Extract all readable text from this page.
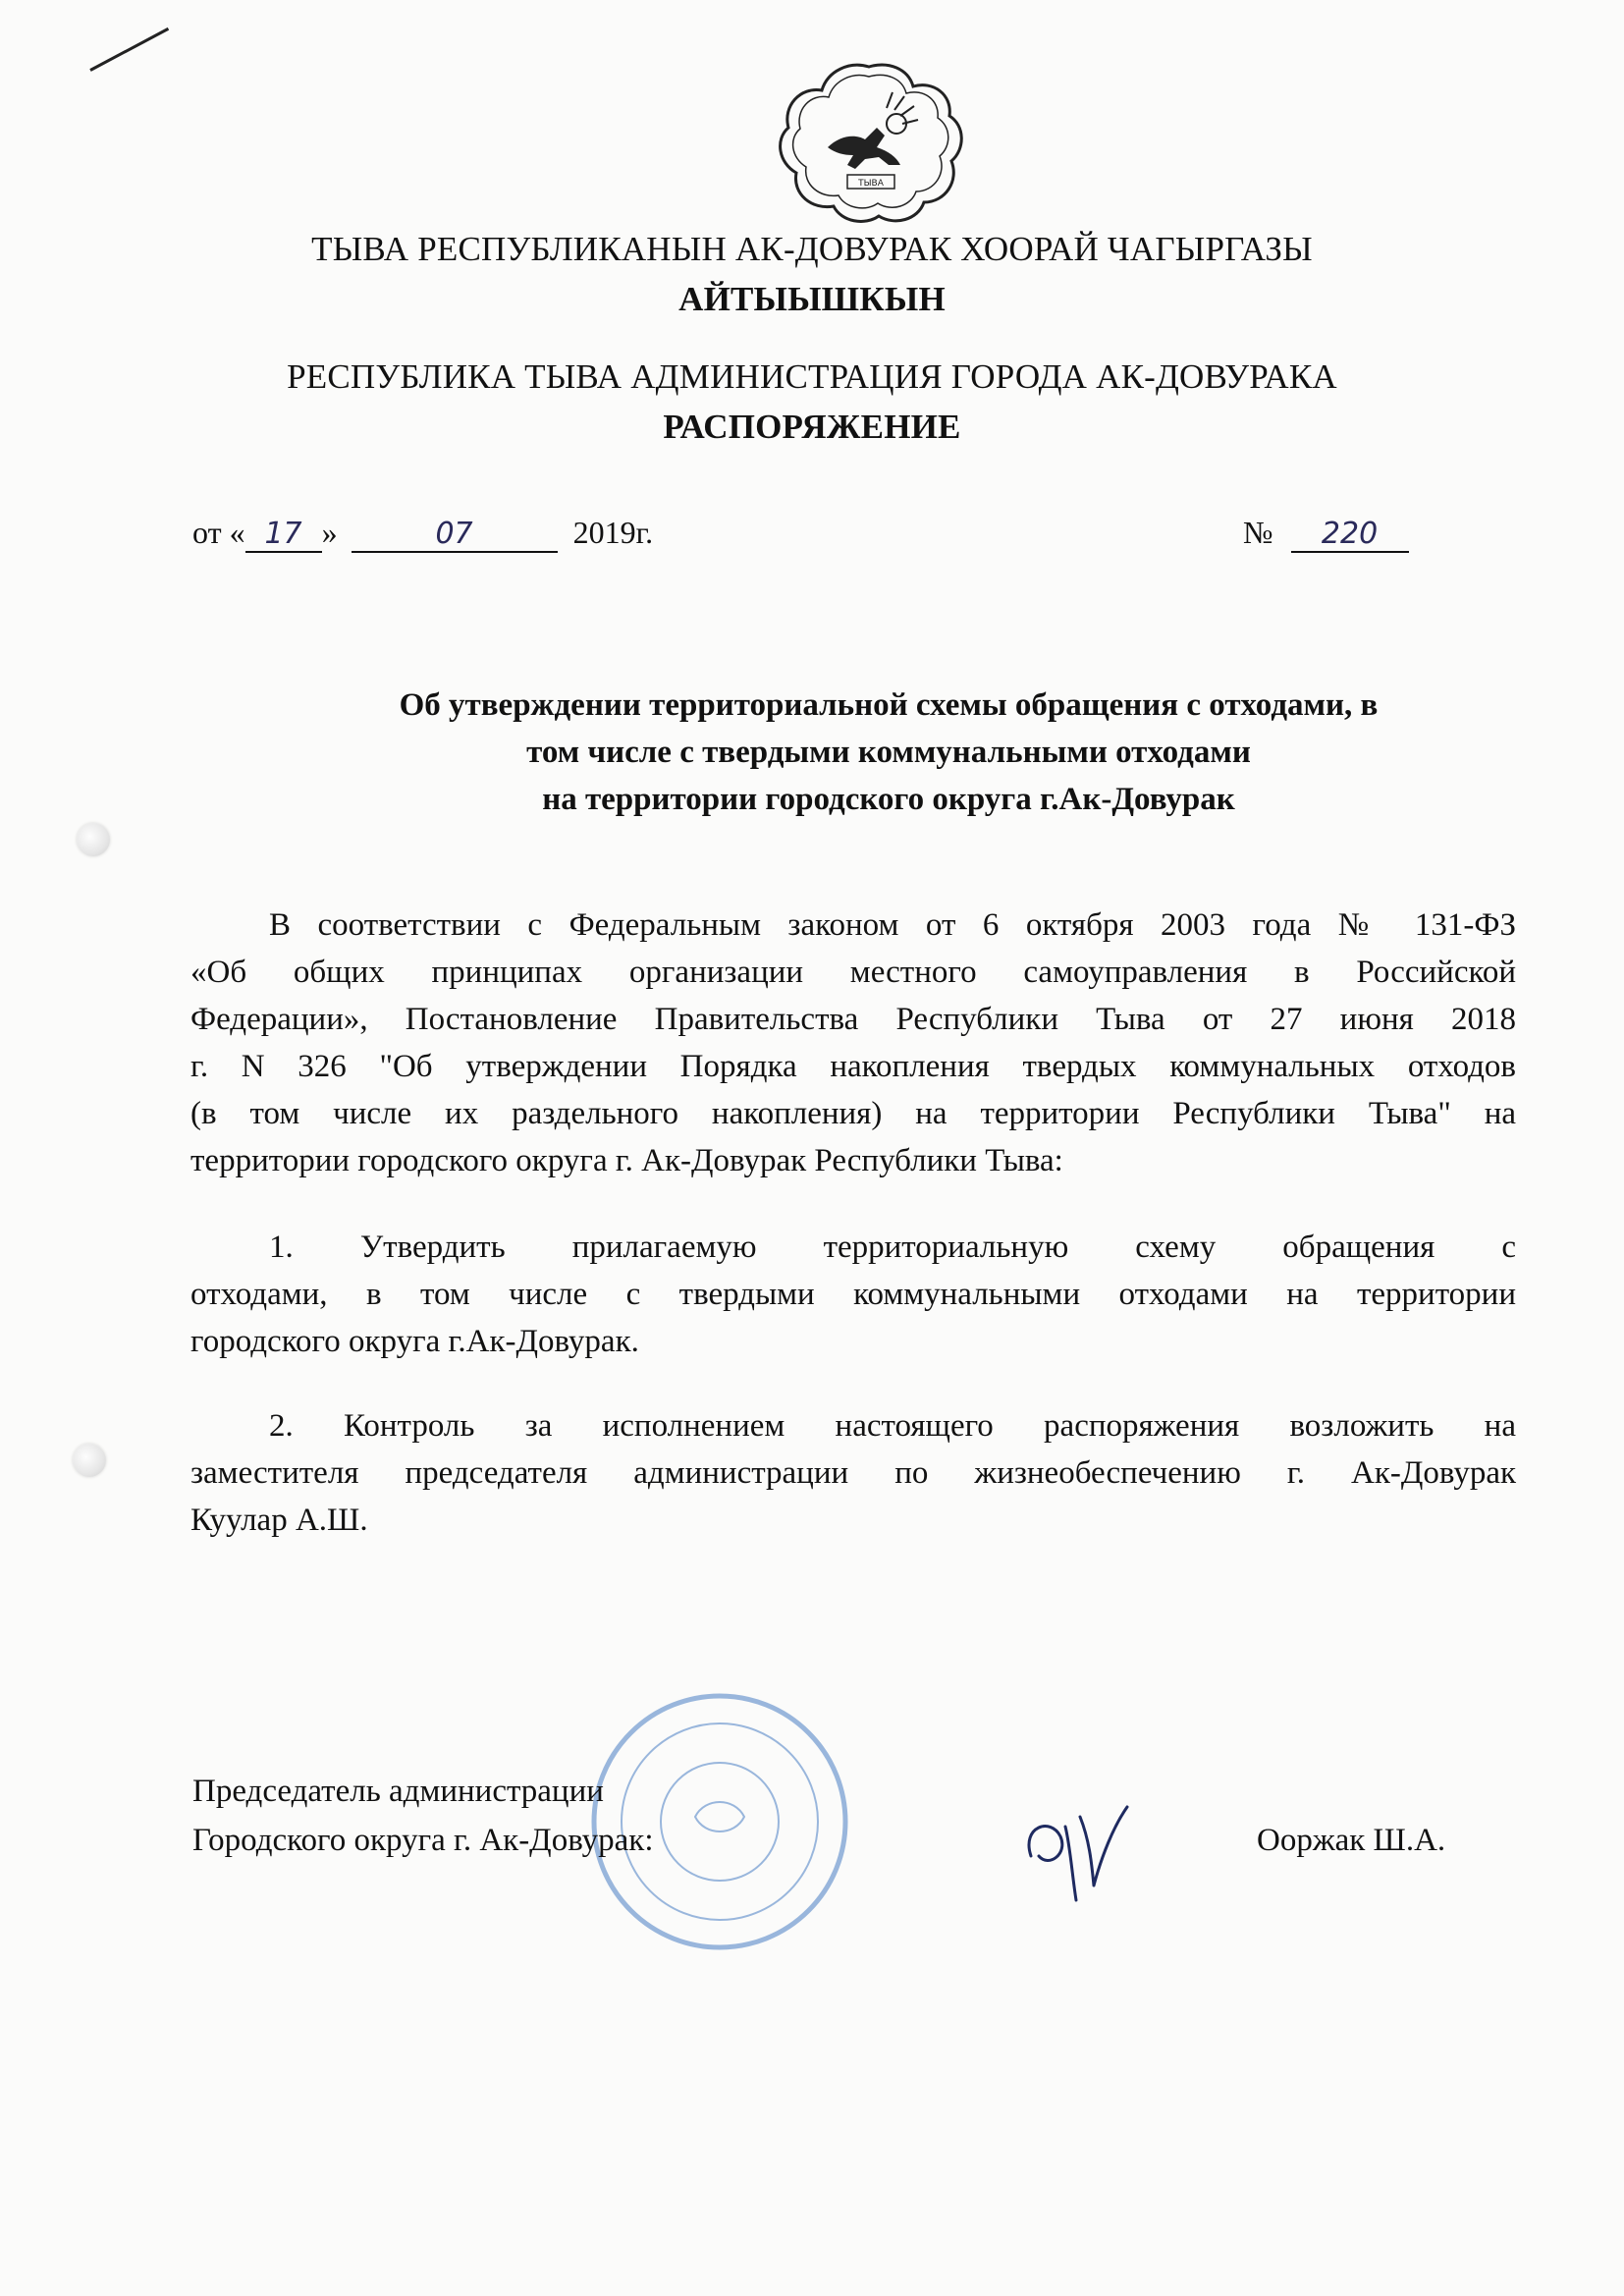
ТЫВА
ТЫВА РЕСПУБЛИКАНЫН АК-ДОВУРАК ХООРАЙ ЧАГЫРГАЗЫ
АЙТЫЫШКЫН
РЕСПУБЛИКА ТЫВА АДМИНИСТРАЦИЯ ГОРОДА АК-ДОВУРАКА
РАСПОРЯЖЕНИЕ
от « 17 »	07	2019г.	№ 220
Об утверждении территориальной схемы обращения с отходами, в
том числе с твердыми коммунальными отходами
на территории городского округа г.Ак-Довурак
В соответствии с Федеральным законом от 6 октября 2003 года № 131-ФЗ
«Об общих принципах организации местного самоуправления в Российской
Федерации», Постановление Правительства Республики Тыва от 27 июня 2018
г. N 326 "Об утверждении Порядка накопления твердых коммунальных отходов
(в том числе их раздельного накопления) на территории Республики Тыва" на
территории городского округа г. Ак-Довурак Республики Тыва:
1. Утвердить прилагаемую территориальную схему обращения с
отходами, в том числе с твердыми коммунальными отходами на территории
городского округа г.Ак-Довурак.
2. Контроль за исполнением настоящего распоряжения возложить на
заместителя председателя администрации по жизнеобеспечению г. Ак-Довурак
Куулар А.Ш.
Председатель администрации
Городского округа г. Ак-Довурак:	Ооржак Ш.А.
